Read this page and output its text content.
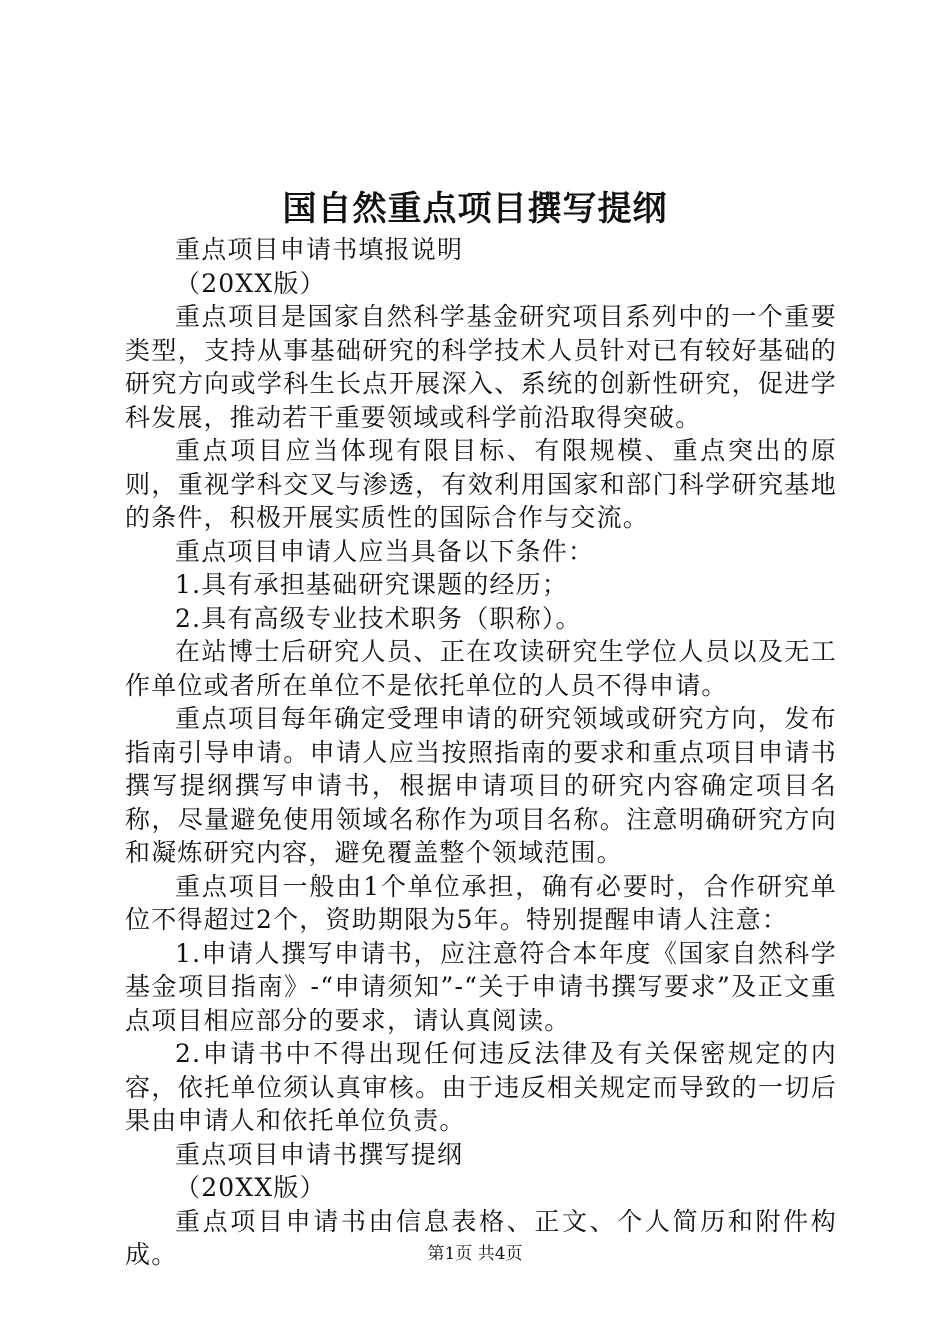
国自然重点项目撰写提纲

重点项目申请书填报说明

（20XX版）

重点项目是国家自然科学基金研究项目系列中的一个重要类型，支持从事基础研究的科学技术人员针对已有较好基础的研究方向或学科生长点开展深入、系统的创新性研究，促进学科发展，推动若干重要领域或科学前沿取得突破。

重点项目应当体现有限目标、有限规模、重点突出的原则，重视学科交叉与渗透，有效利用国家和部门科学研究基地的条件，积极开展实质性的国际合作与交流。

重点项目申请人应当具备以下条件：

1.具有承担基础研究课题的经历；

2.具有高级专业技术职务（职称）。

在站博士后研究人员、正在攻读研究生学位人员以及无工作单位或者所在单位不是依托单位的人员不得申请。

重点项目每年确定受理申请的研究领域或研究方向，发布指南引导申请。申请人应当按照指南的要求和重点项目申请书撰写提纲撰写申请书，根据申请项目的研究内容确定项目名称，尽量避免使用领域名称作为项目名称。注意明确研究方向和凝炼研究内容，避免覆盖整个领域范围。

重点项目一般由1个单位承担，确有必要时，合作研究单位不得超过2个，资助期限为5年。特别提醒申请人注意：

1.申请人撰写申请书，应注意符合本年度《国家自然科学基金项目指南》-“申请须知”-“关于申请书撰写要求”及正文重点项目相应部分的要求，请认真阅读。

2.申请书中不得出现任何违反法律及有关保密规定的内容，依托单位须认真审核。由于违反相关规定而导致的一切后果由申请人和依托单位负责。

重点项目申请书撰写提纲

（20XX版）

重点项目申请书由信息表格、正文、个人简历和附件构成。	第1页 共4页
